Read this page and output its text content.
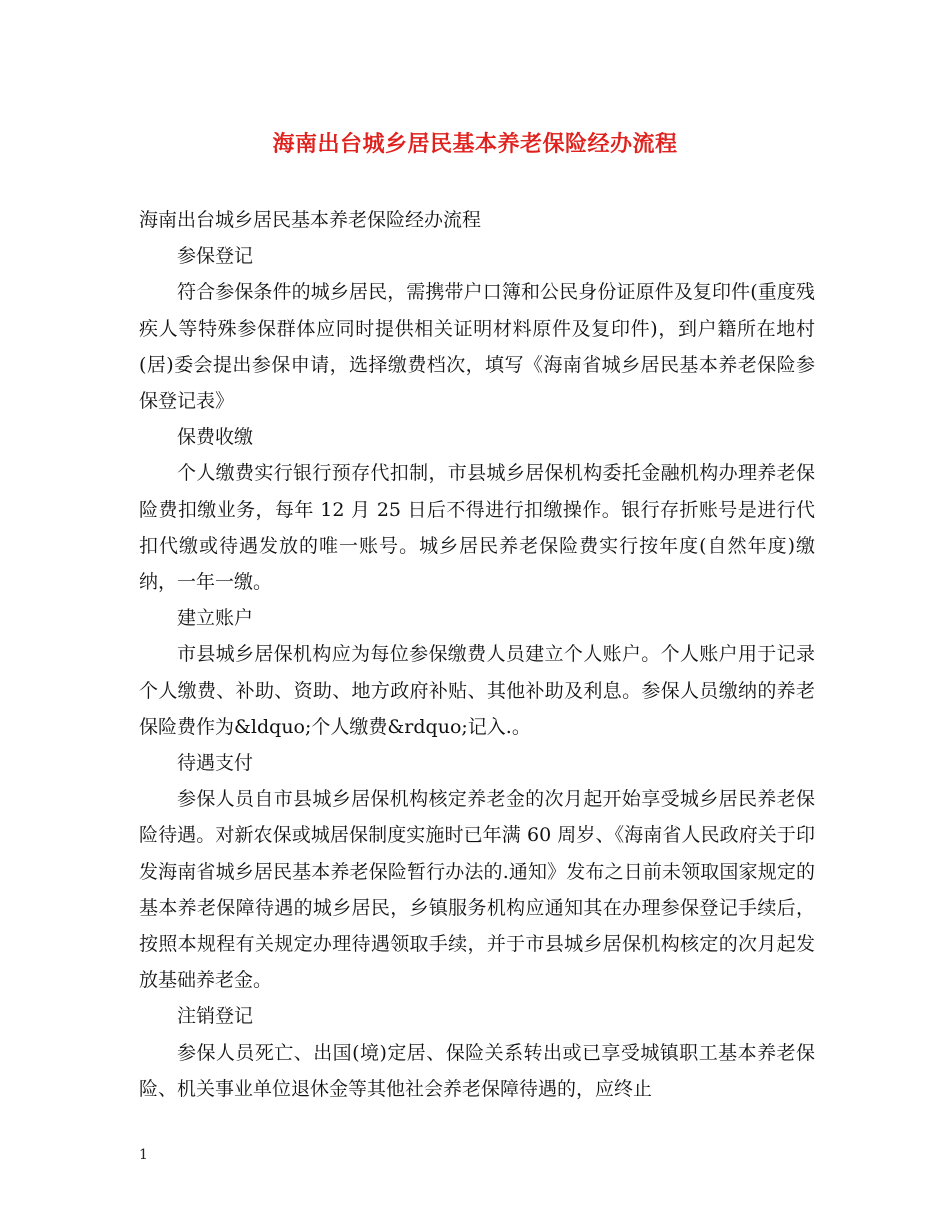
海南出台城乡居民基本养老保险经办流程

海南出台城乡居民基本养老保险经办流程

参保登记

符合参保条件的城乡居民，需携带户口簿和公民身份证原件及复印件(重度残疾人等特殊参保群体应同时提供相关证明材料原件及复印件)，到户籍所在地村(居)委会提出参保申请，选择缴费档次，填写《海南省城乡居民基本养老保险参保登记表》

保费收缴

个人缴费实行银行预存代扣制，市县城乡居保机构委托金融机构办理养老保险费扣缴业务，每年 12 月 25 日后不得进行扣缴操作。银行存折账号是进行代扣代缴或待遇发放的唯一账号。城乡居民养老保险费实行按年度(自然年度)缴纳，一年一缴。

建立账户

市县城乡居保机构应为每位参保缴费人员建立个人账户。个人账户用于记录个人缴费、补助、资助、地方政府补贴、其他补助及利息。参保人员缴纳的养老保险费作为&ldquo;个人缴费&rdquo;记入.。

待遇支付

参保人员自市县城乡居保机构核定养老金的次月起开始享受城乡居民养老保险待遇。对新农保或城居保制度实施时已年满 60 周岁、《海南省人民政府关于印发海南省城乡居民基本养老保险暂行办法的.通知》发布之日前未领取国家规定的基本养老保障待遇的城乡居民，乡镇服务机构应通知其在办理参保登记手续后，按照本规程有关规定办理待遇领取手续，并于市县城乡居保机构核定的次月起发放基础养老金。

注销登记

参保人员死亡、出国(境)定居、保险关系转出或已享受城镇职工基本养老保险、机关事业单位退休金等其他社会养老保障待遇的，应终止

1
